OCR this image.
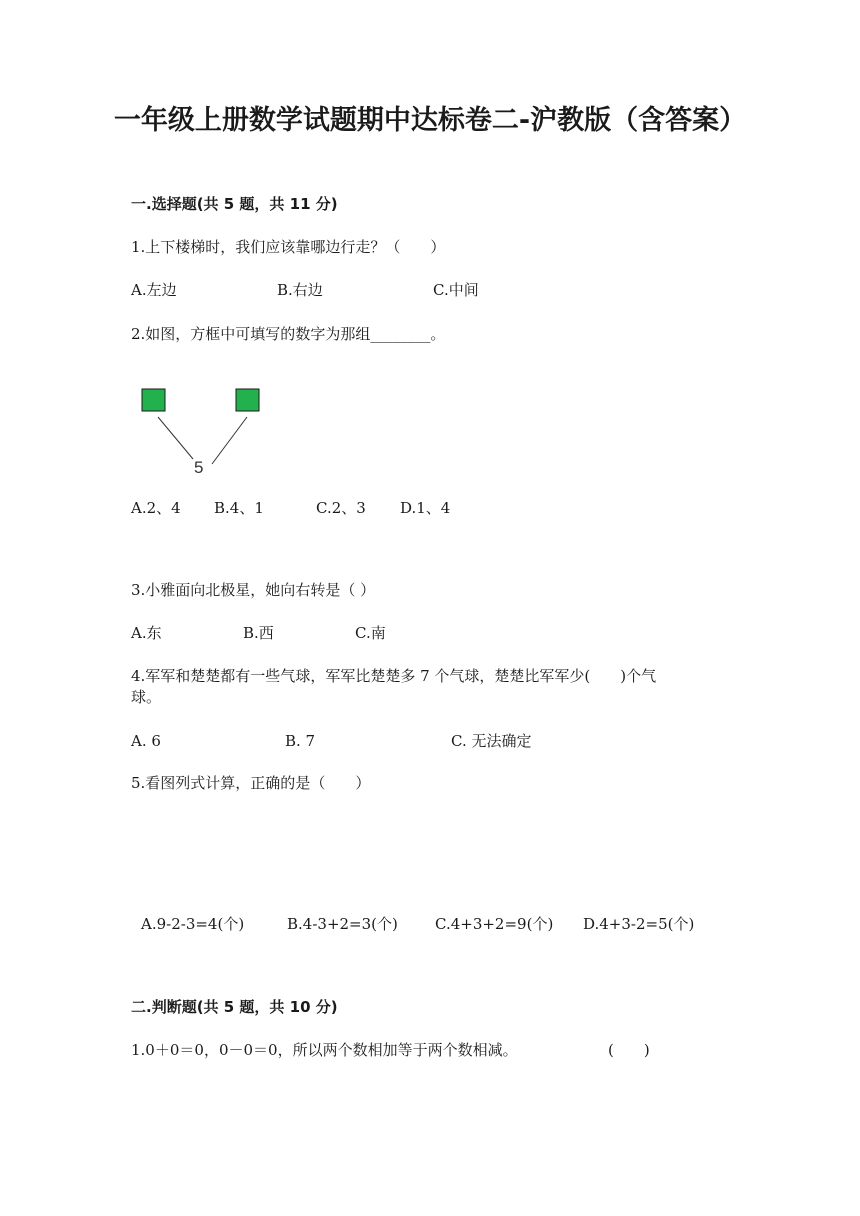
一年级上册数学试题期中达标卷二-沪教版（含答案）
一.选择题(共 5 题，共 11 分)
1.上下楼梯时，我们应该靠哪边行走？（　　）
A.左边	B.右边	C.中间
2.如图，方框中可填写的数字为那组________。
5
A.2、4 B.4、1	C.2、3 D.1、4
3.小雅面向北极星，她向右转是（ ）
A.东	B.西	C.南
4.军军和楚楚都有一些气球，军军比楚楚多 7 个气球，楚楚比军军少(　　)个气
球。
A. 6	B. 7	C. 无法确定
5.看图列式计算，正确的是（　　）
A.9-2-3=4(个)	B.4-3+2=3(个) C.4+3+2=9(个) D.4+3-2=5(个)
二.判断题(共 5 题，共 10 分)
1.0＋0＝0，0－0＝0，所以两个数相加等于两个数相减。	(　　)
